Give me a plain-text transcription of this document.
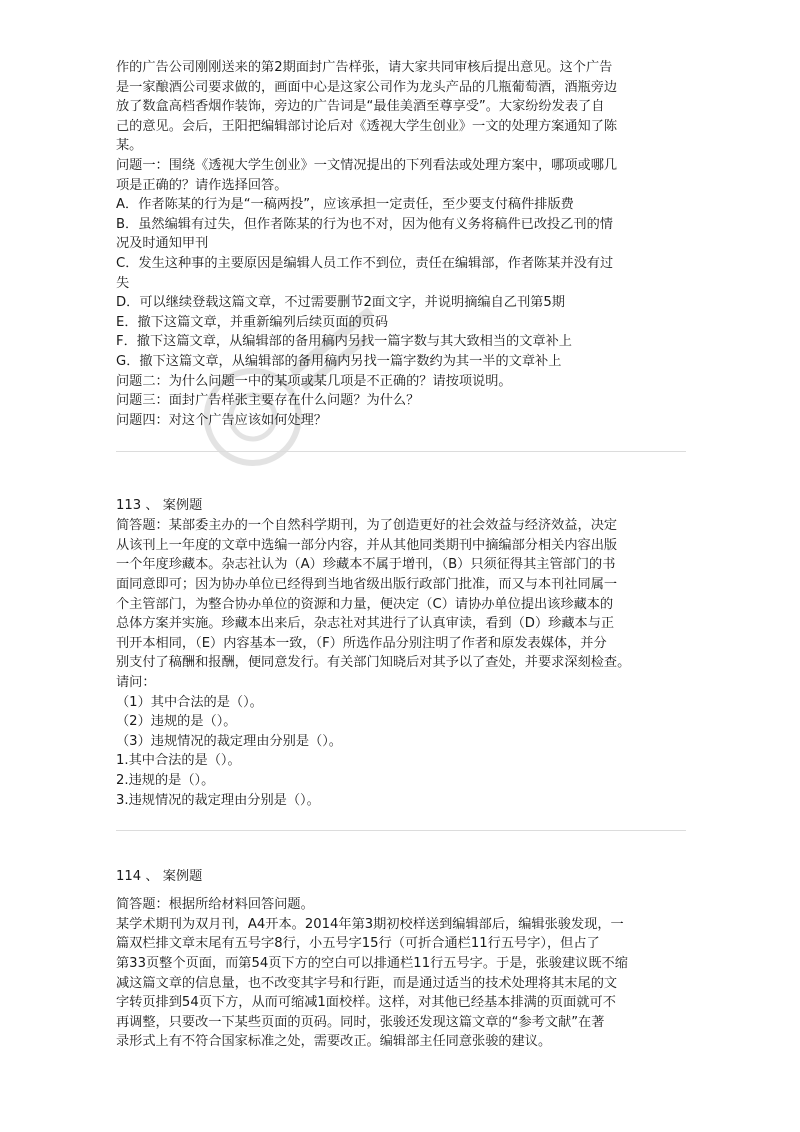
作的广告公司刚刚送来的第2期面封广告样张，请大家共同审核后提出意见。这个广告

是一家酿酒公司要求做的，画面中心是这家公司作为龙头产品的几瓶葡萄酒，酒瓶旁边

放了数盒高档香烟作装饰，旁边的广告词是“最佳美酒至尊享受”。大家纷纷发表了自

己的意见。会后，王阳把编辑部讨论后对《透视大学生创业》一文的处理方案通知了陈

某。

问题一：围绕《透视大学生创业》一文情况提出的下列看法或处理方案中，哪项或哪几

项是正确的？请作选择回答。

A．作者陈某的行为是“一稿两投”，应该承担一定责任，至少要支付稿件排版费

B．虽然编辑有过失，但作者陈某的行为也不对，因为他有义务将稿件已改投乙刊的情

况及时通知甲刊

C．发生这种事的主要原因是编辑人员工作不到位，责任在编辑部，作者陈某并没有过

失

D．可以继续登载这篇文章，不过需要删节2面文字，并说明摘编自乙刊第5期

E．撤下这篇文章，并重新编列后续页面的页码

F．撤下这篇文章，从编辑部的备用稿内另找一篇字数与其大致相当的文章补上

G．撤下这篇文章，从编辑部的备用稿内另找一篇字数约为其一半的文章补上

问题二：为什么问题一中的某项或某几项是不正确的？请按项说明。

问题三：面封广告样张主要存在什么问题？为什么？

问题四：对这个广告应该如何处理？

113 、 案例题

简答题：某部委主办的一个自然科学期刊，为了创造更好的社会效益与经济效益，决定

从该刊上一年度的文章中选编一部分内容，并从其他同类期刊中摘编部分相关内容出版

一个年度珍藏本。杂志社认为（A）珍藏本不属于增刊，（B）只须征得其主管部门的书

面同意即可；因为协办单位已经得到当地省级出版行政部门批准，而又与本刊社同属一

个主管部门，为整合协办单位的资源和力量，便决定（C）请协办单位提出该珍藏本的

总体方案并实施。珍藏本出来后，杂志社对其进行了认真审读，看到（D）珍藏本与正

刊开本相同，（E）内容基本一致，（F）所选作品分别注明了作者和原发表媒体，并分

别支付了稿酬和报酬，便同意发行。有关部门知晓后对其予以了查处，并要求深刻检查。

请问：

（1）其中合法的是（）。

（2）违规的是（）。

（3）违规情况的裁定理由分别是（）。

1.其中合法的是（）。

2.违规的是（）。

3.违规情况的裁定理由分别是（）。

114 、 案例题

简答题：根据所给材料回答问题。

某学术期刊为双月刊，A4开本。2014年第3期初校样送到编辑部后，编辑张骏发现，一

篇双栏排文章末尾有五号字8行，小五号字15行（可折合通栏11行五号字），但占了

第33页整个页面，而第54页下方的空白可以排通栏11行五号字。于是，张骏建议既不缩

减这篇文章的信息量，也不改变其字号和行距，而是通过适当的技术处理将其末尾的文

字转页排到54页下方，从而可缩减1面校样。这样，对其他已经基本排满的页面就可不

再调整，只要改一下某些页面的页码。同时，张骏还发现这篇文章的“参考文献”在著

录形式上有不符合国家标准之处，需要改正。编辑部主任同意张骏的建议。
